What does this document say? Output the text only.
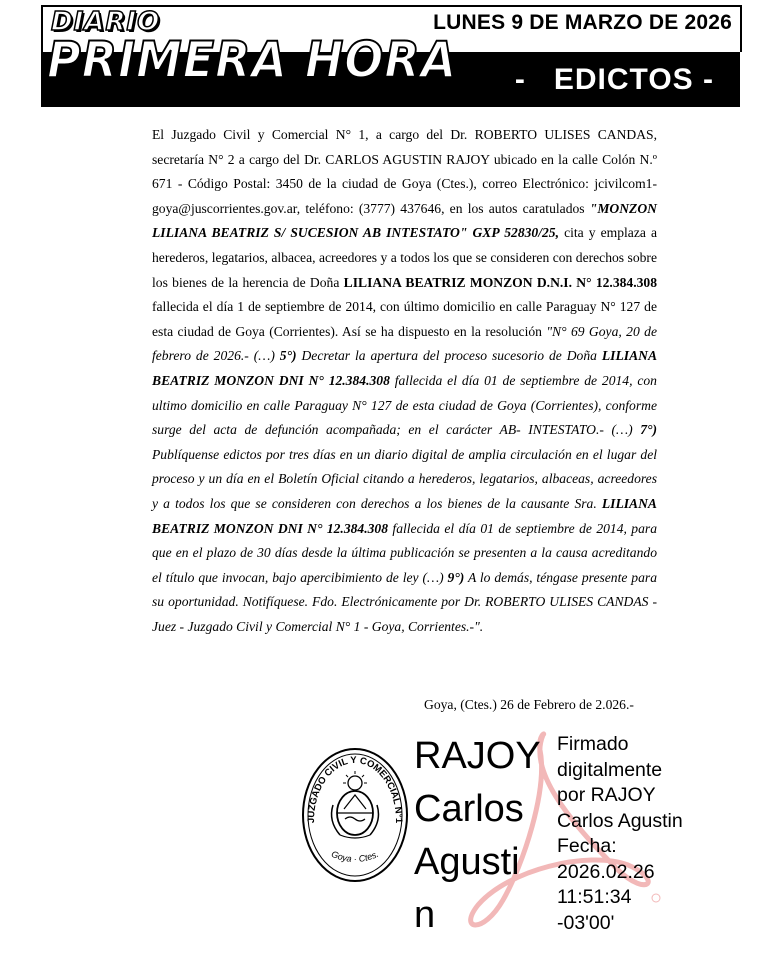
DIARIO
PRIMERA HORA
LUNES 9 DE MARZO DE 2026
-   EDICTOS -

El Juzgado Civil y Comercial N° 1, a cargo del Dr. ROBERTO ULISES CANDAS, secretaría N° 2 a cargo del Dr. CARLOS AGUSTIN RAJOY ubicado en la calle Colón N.º 671 - Código Postal: 3450 de la ciudad de Goya (Ctes.), correo Electrónico: jcivilcom1-goya@juscorrientes.gov.ar, teléfono: (3777) 437646, en los autos caratulados "MONZON LILIANA BEATRIZ S/ SUCESION AB INTESTATO" GXP 52830/25, cita y emplaza a herederos, legatarios, albacea, acreedores y a todos los que se consideren con derechos sobre los bienes de la herencia de Doña LILIANA BEATRIZ MONZON D.N.I. N° 12.384.308 fallecida el día 1 de septiembre de 2014, con último domicilio en calle Paraguay N° 127 de esta ciudad de Goya (Corrientes). Así se ha dispuesto en la resolución "N° 69 Goya, 20 de febrero de 2026.- (…) 5°) Decretar la apertura del proceso sucesorio de Doña LILIANA BEATRIZ MONZON DNI N° 12.384.308 fallecida el día 01 de septiembre de 2014, con ultimo domicilio en calle Paraguay N° 127 de esta ciudad de Goya (Corrientes), conforme surge del acta de defunción acompañada; en el carácter AB- INTESTATO.- (…) 7°) Publíquense edictos por tres días en un diario digital de amplia circulación en el lugar del proceso y un día en el Boletín Oficial citando a herederos, legatarios, albaceas, acreedores y a todos los que se consideren con derechos a los bienes de la causante Sra. LILIANA BEATRIZ MONZON DNI N° 12.384.308 fallecida el día 01 de septiembre de 2014, para que en el plazo de 30 días desde la última publicación se presenten a la causa acreditando el título que invocan, bajo apercibimiento de ley (…) 9°) A lo demás, téngase presente para su oportunidad. Notifíquese. Fdo. Electrónicamente por Dr. ROBERTO ULISES CANDAS - Juez - Juzgado Civil y Comercial N° 1 - Goya, Corrientes.-".

Goya, (Ctes.) 26 de Febrero de 2.026.-
JUZGADO CIVIL Y COMERCIAL N°1
Goya · Ctes.
RAJOY
Carlos
Agusti
n
Firmado
digitalmente
por RAJOY
Carlos Agustin
Fecha:
2026.02.26
11:51:34
-03'00'
